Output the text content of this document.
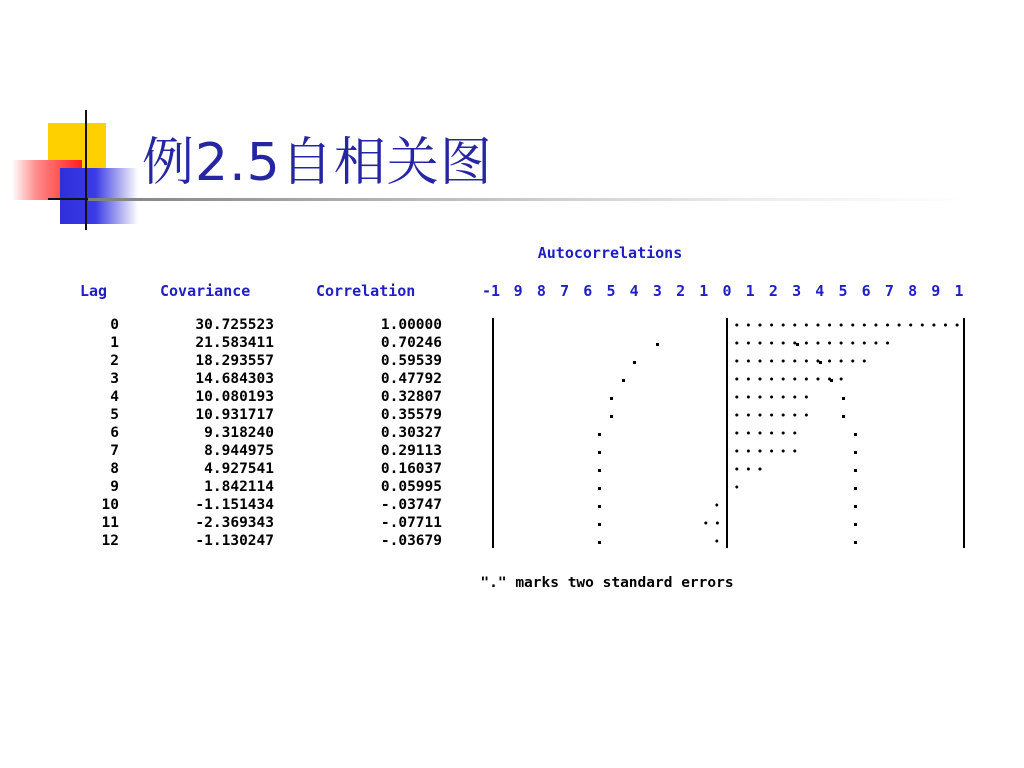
例2.5自相关图
Autocorrelations
Lag	Covariance	Correlation	-1 9 8 7 6 5 4 3 2 1 0 1 2 3 4 5 6 7 8 9 1
0	30.725523	1.00000
1	21.583411	0.70246
2	18.293557	0.59539
3	14.684303	0.47792
4	10.080193	0.32807
5	10.931717	0.35579
6	9.318240	0.30327
7	8.944975	0.29113
8	4.927541	0.16037
9	1.842114	0.05995
10	-1.151434	-.03747
11	-2.369343	-.07711
12	-1.130247	-.03679
"." marks two standard errors
